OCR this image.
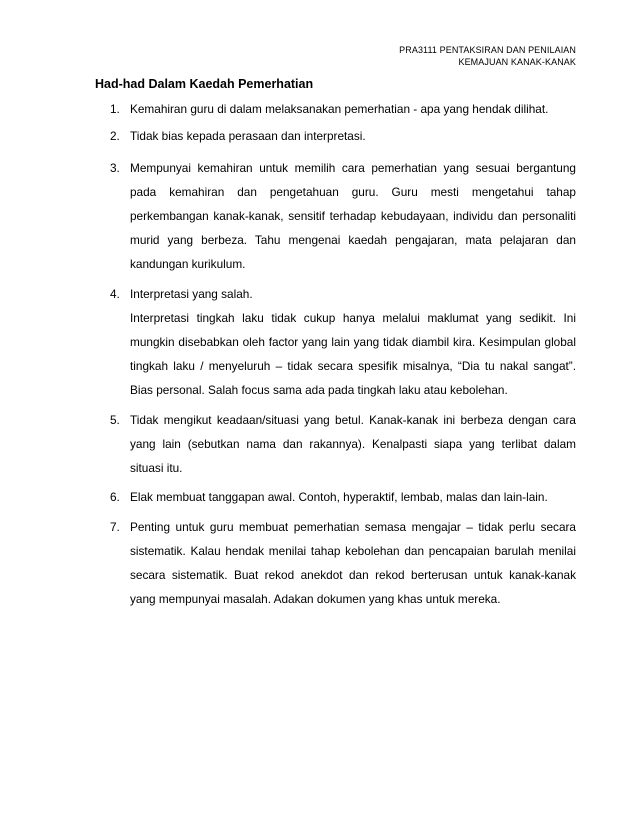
PRA3111 PENTAKSIRAN DAN PENILAIAN
KEMAJUAN KANAK-KANAK
Had-had Dalam Kaedah Pemerhatian
1. Kemahiran guru di dalam melaksanakan pemerhatian - apa yang hendak dilihat.

2. Tidak bias kepada perasaan dan interpretasi.

3. Mempunyai kemahiran untuk memilih cara pemerhatian yang sesuai bergantung pada kemahiran dan pengetahuan guru. Guru mesti mengetahui tahap perkembangan kanak-kanak, sensitif terhadap kebudayaan, individu dan personaliti murid yang berbeza. Tahu mengenai kaedah pengajaran, mata pelajaran dan kandungan kurikulum.

4. Interpretasi yang salah.

Interpretasi tingkah laku tidak cukup hanya melalui maklumat yang sedikit. Ini mungkin disebabkan oleh factor yang lain yang tidak diambil kira. Kesimpulan global tingkah laku / menyeluruh – tidak secara spesifik misalnya, “Dia tu nakal sangat”. Bias personal. Salah focus sama ada pada tingkah laku atau kebolehan.

5. Tidak mengikut keadaan/situasi yang betul. Kanak-kanak ini berbeza dengan cara yang lain (sebutkan nama dan rakannya). Kenalpasti siapa yang terlibat dalam situasi itu.

6. Elak membuat tanggapan awal. Contoh, hyperaktif, lembab, malas dan lain-lain.

7. Penting untuk guru membuat pemerhatian semasa mengajar – tidak perlu secara sistematik. Kalau hendak menilai tahap kebolehan dan pencapaian barulah menilai secara sistematik. Buat rekod anekdot dan rekod berterusan untuk kanak-kanak yang mempunyai masalah. Adakan dokumen yang khas untuk mereka.
